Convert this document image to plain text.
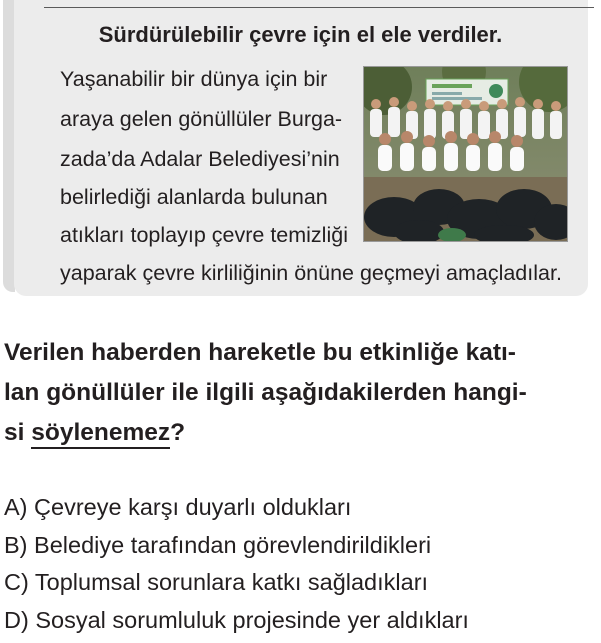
Sürdürülebilir çevre için el ele verdiler.
Yaşanabilir bir dünya için bir
araya gelen gönüllüler Burga-
zada’da Adalar Belediyesi’nin
belirlediği alanlarda bulunan
atıkları toplayıp çevre temizliği
yaparak çevre kirliliğinin önüne geçmeyi amaçladılar.
Verilen haberden hareketle bu etkinliğe katı-
lan gönüllüler ile ilgili aşağıdakilerden hangi-
si söylenemez?
A) Çevreye karşı duyarlı oldukları
B) Belediye tarafından görevlendirildikleri
C) Toplumsal sorunlara katkı sağladıkları
D) Sosyal sorumluluk projesinde yer aldıkları
